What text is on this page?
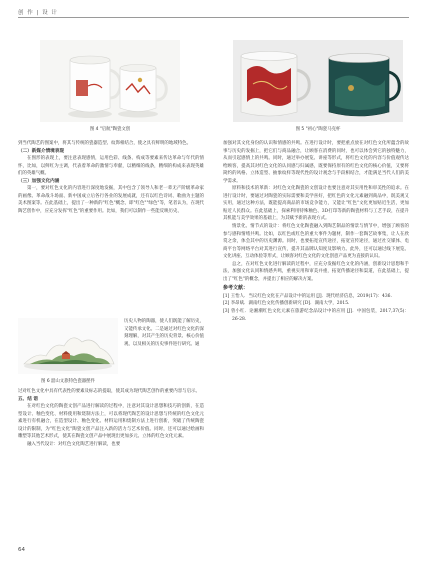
创 作 | 设 计
图 4 "启航"陶瓷文创	图 5 "初心"陶瓷马克杯

到当代陶艺的图案中，将其与传统的瓷器造型、纹饰相结合，使之具有鲜明的地域特色。

（二）新媒介情境表现

在图形的表现上，要注意表现感情，运用色彩、线条、构成等要素来传达革命与年代的情怀，比如，以鲜红为主调，代表着革命的激情与奉献，以精细的线条，精细的构成来表现英雄们的英雄气概。

（三）加强文化内涵

第一，要对红色文化的内容进行深度地发掘，其中包含了领导人和老一辈无产阶级革命家的画像、革命战斗场面、新中国成立后各行各业的发展成就，还有以红色诗词、歌曲为主题的美术图案等。在此基础上，提出了一种新的"红色"概念，即"红色""绿色"等，笔者认为，在现代陶艺创作中，应充分发挥"红色"的重要作用。比如，我们可以制作一些能反映历史、

图 6 韶山文旅特色瓷器摆件

历史人物的陶器，使人们既能了解历史，又能传承文化。二是通过对红色文化的深刻理解，对其产生的历史背景、核心价值观、以及相关的历史事件进行研究。通

过对红色文化中具有代表性的要素及标志的提取，使其成为现代陶艺创作的重要内容与启示。

五、结 语

在对红色文化的陶瓷文创产品进行解读的过程中，注意对其设计思想和技巧的创新，在造型设计、釉色变化、材料使用和烧制方法上，可以将现代陶艺的设计思想与传统的红色文化元素进行有机融合，在造型设计、釉色变化、材料运用和烧制方法上进行创新，突破了传统陶瓷设计的限制，为"红色文化"陶瓷文创产品注入新的活力与艺术价值。同时，还可以通过绘画和雕塑等其他艺术形式，使其在陶瓷文创产品中展现出更加多元、立体的红色文化元素。

融入当代设计：对红色文化陶艺进行解读，也要

加强对其文化身份的认识和情感的共鸣。在进行设计时，要把重点放在对红色文化所蕴含的故事与历史的发掘上，把它们与商品融合，让顾客在消费的同时，也可以体会到它的独特魅力，从而引起感情上的共鸣。同时，通过举办展览、讲座等形式，将红色文化的内容与价值观传达给顾客，提高其对红色文化的认同感与归属感，既要保持原有的红色文化的核心价值，又要将简约的风格、立体造型、抽象纹样等现代性的设计观念与手段相结合，才能满足当代人们的美学需求。

原料和技术的革新：对红色文化陶瓷的文创设计也要注意对其实用性和审美性的追求。在进行设计时，要通过对陶瓷的实际需要和美学喜好，把红色的文化元素融到商品中，既美观又实用，通过这种方法，既能提高商品的市场竞争能力，又能让"红色"文化更加贴近生活，更加贴近人民群众。在此基础上，探索利用特殊釉色、3D打印等新的陶瓷材料与工艺手段，在提升其机能与美学效果的基础上，为其赋予新的表现方式。

情景化、情节式的设计：将红色文化陶瓷融入到陶艺制品的情景与情节中，增强了顾客的参与感和情绪共鸣。比如，以红色或红色的重大事件为题材，制作一套陶艺故事集，让人在欣赏之余，体会其中的历史渊源。同时，也要拓宽宣传途径，拓宽宣传途径，通过社交媒体、电商平台等网络平台对其进行宣传，提升其品牌认知度及影响力。此外，还可以通过线下展览、文化讲座、互动体验等形式，让顾客对红色文化的文化创意产品更为直接的认识。

总之，在对红色文化进行解读的过程中，应充分发掘红色文化的内涵，创新设计思想和手法，加强文化认同和情感共鸣，重视实用和审美并重，拓宽传播途径和渠道，在此基础上，提出了"红色"的概念，并提出了相应的解决方案。

参考文献：

[1] 王怡人．当议红色文化在产品设计中的运用 [J]．现代经济信息，2019(17)：436.

[2] 李昂斌．湖南红色文化传播创新研究 [D]．湖南大学，2015.

[3] 曾小红．论湘潮红色文化元素在旅游纪念品设计中的应用 [J]．中国包装，2017,37(5)：26-28.

64
